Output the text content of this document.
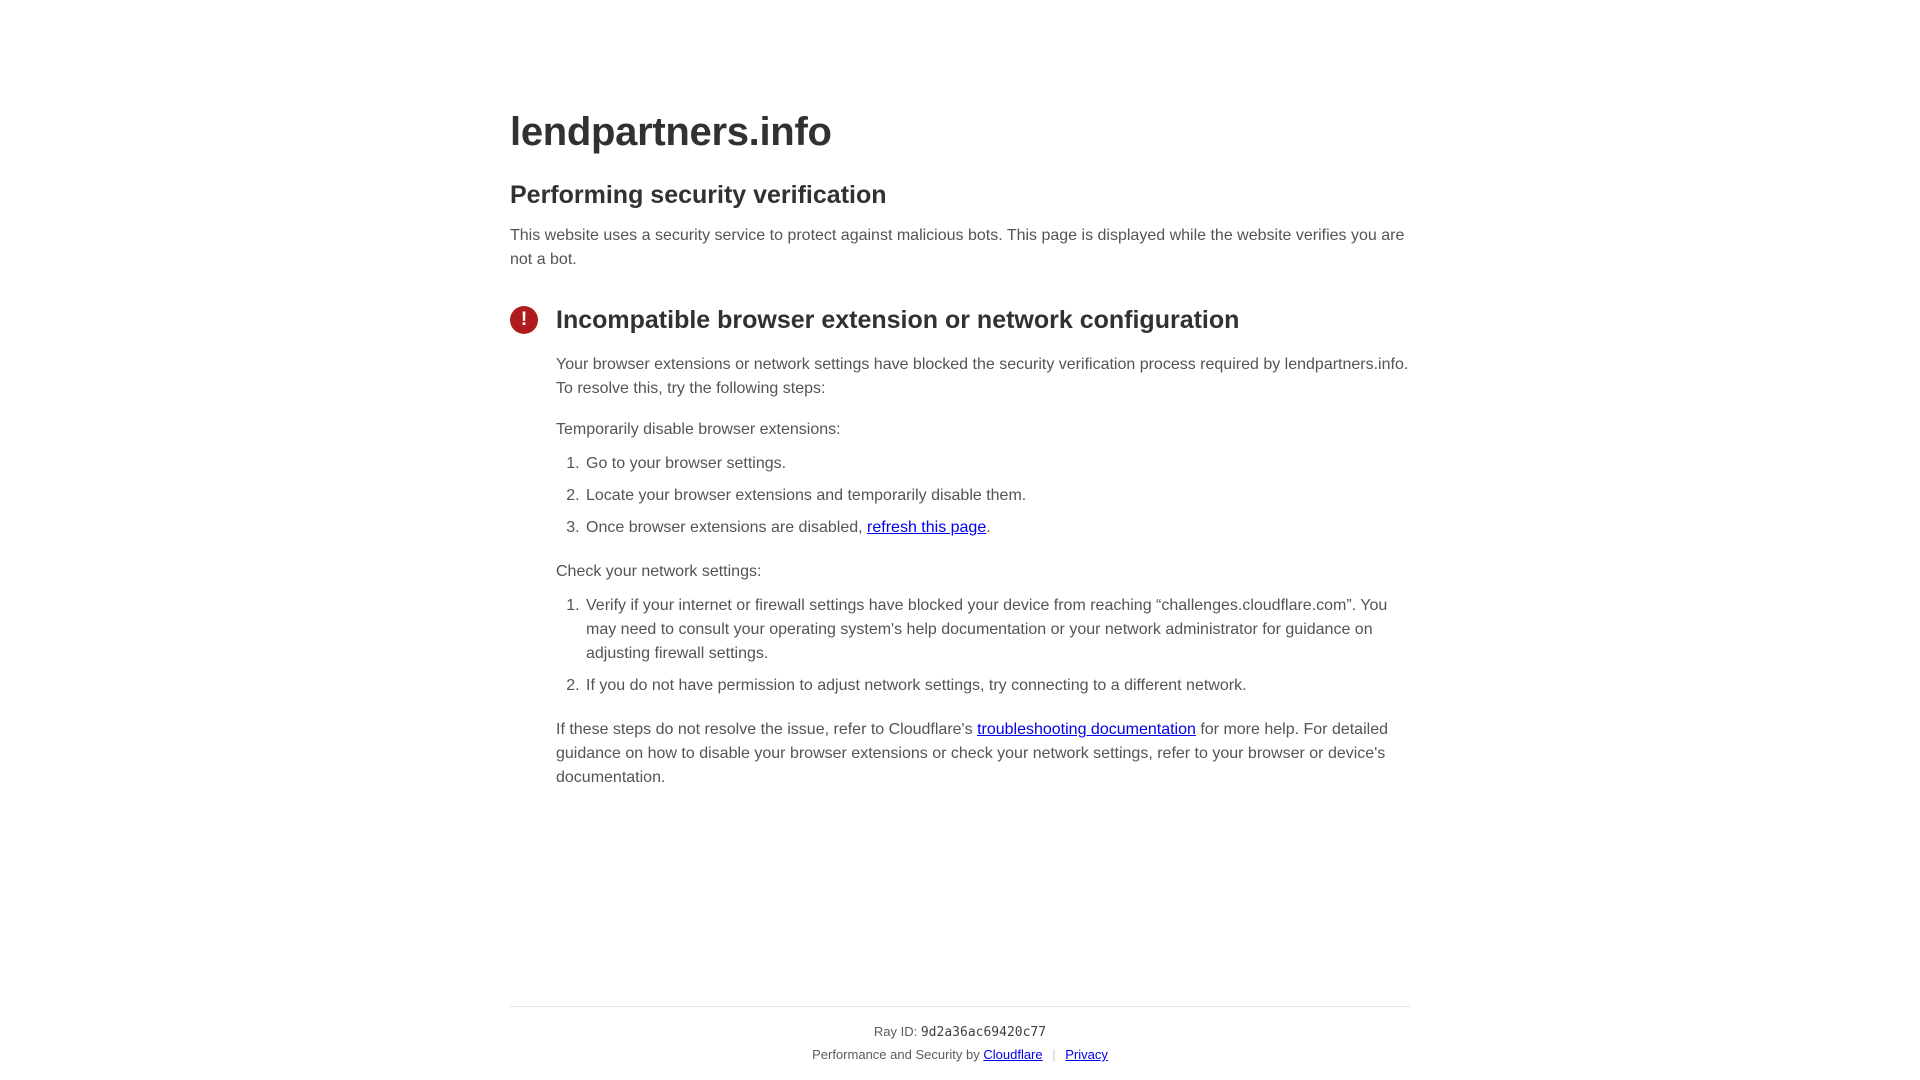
lendpartners.info
Performing security verification

This website uses a security service to protect against malicious bots. This page is displayed while the website verifies you are not a bot.

!	Incompatible browser extension or network configuration

Your browser extensions or network settings have blocked the security verification process required by lendpartners.info. To resolve this, try the following steps:

Temporarily disable browser extensions:

1. Go to your browser settings.
2. Locate your browser extensions and temporarily disable them.
3. Once browser extensions are disabled, refresh this page.

Check your network settings:

1. Verify if your internet or firewall settings have blocked your device from reaching “challenges.cloudflare.com”. You may need to consult your operating system's help documentation or your network administrator for guidance on adjusting firewall settings.
2. If you do not have permission to adjust network settings, try connecting to a different network.

If these steps do not resolve the issue, refer to Cloudflare's troubleshooting documentation for more help. For detailed guidance on how to disable your browser extensions or check your network settings, refer to your browser or device's documentation.

Ray ID: 9d2a36ac69420c77
Performance and Security by Cloudflare | Privacy
